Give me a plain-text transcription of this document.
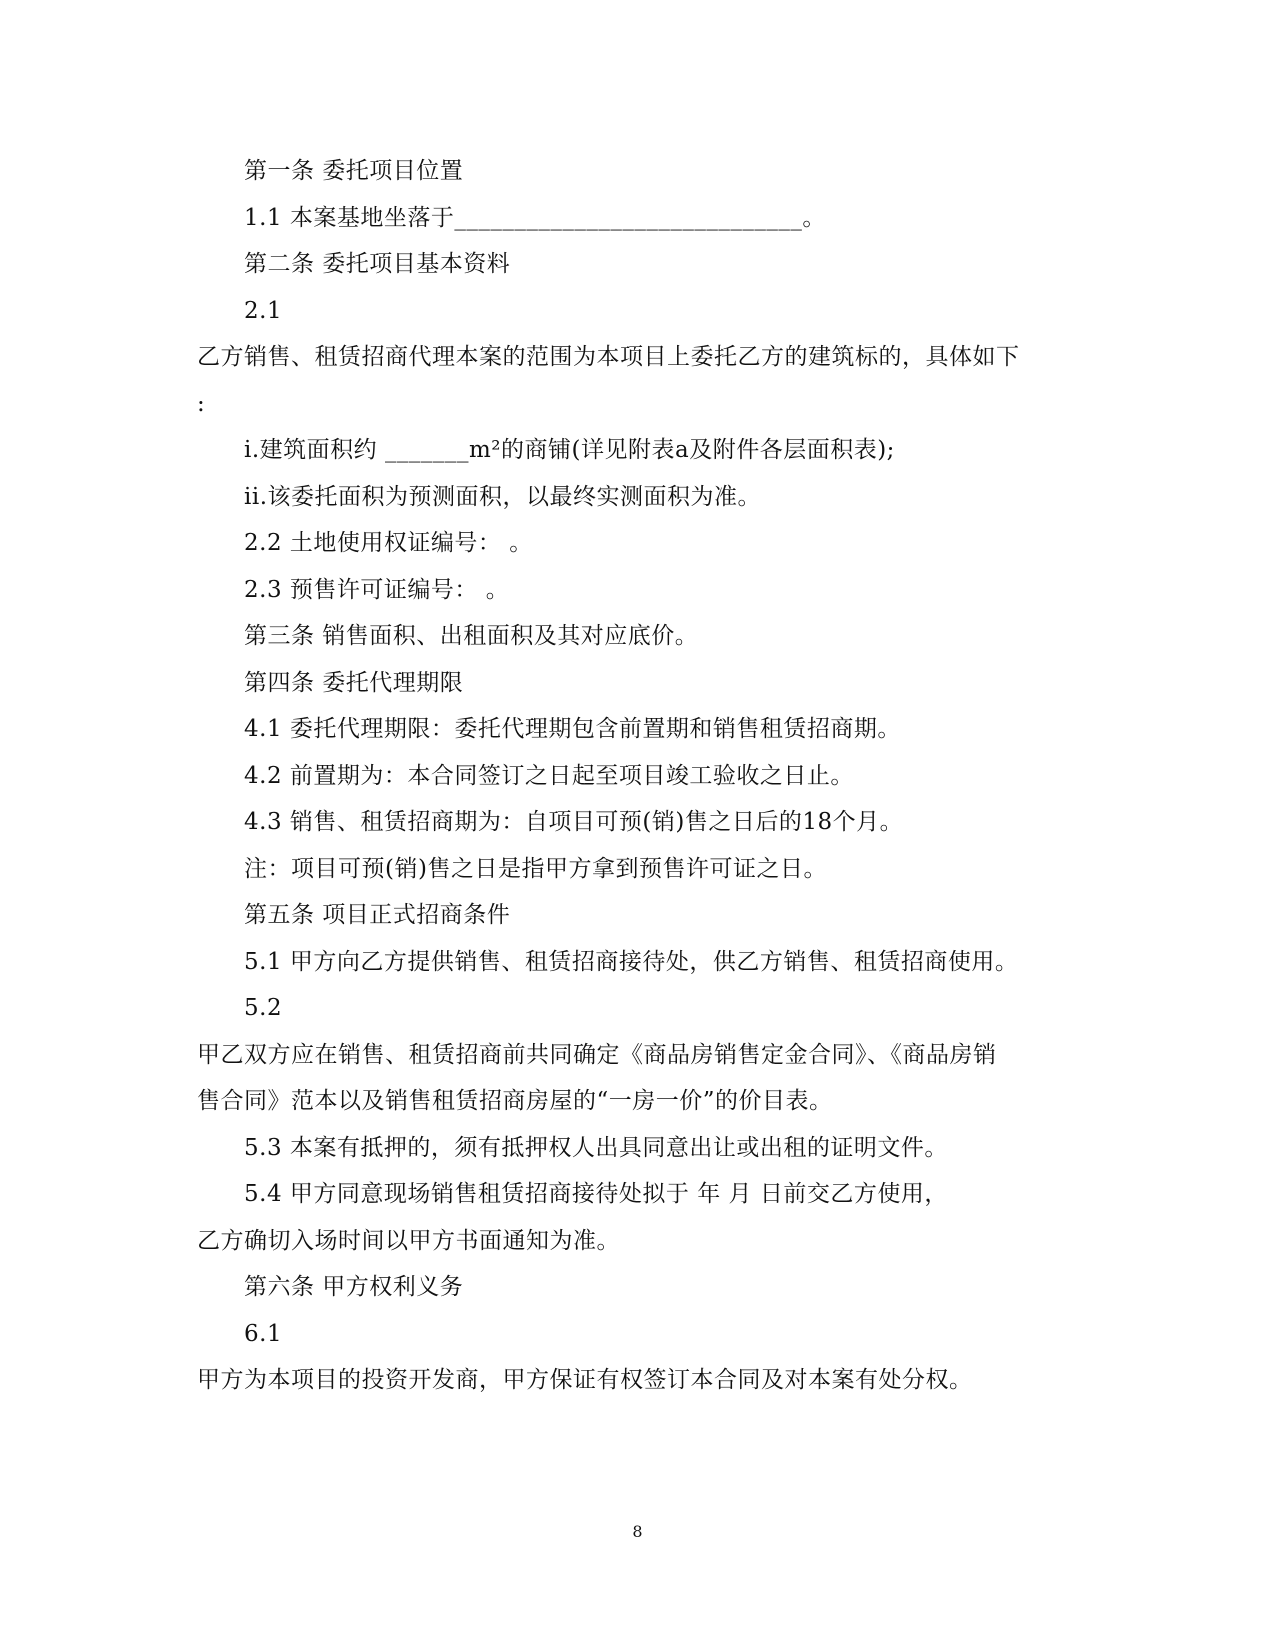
第一条 委托项目位置
1.1 本案基地坐落于_____________________________。
第二条 委托项目基本资料
2.1
乙方销售、租赁招商代理本案的范围为本项目上委托乙方的建筑标的，具体如下
:
i.建筑面积约 _______m²的商铺(详见附表a及附件各层面积表);
ii.该委托面积为预测面积，以最终实测面积为准。
2.2 土地使用权证编号： 。
2.3 预售许可证编号： 。
第三条 销售面积、出租面积及其对应底价。
第四条 委托代理期限
4.1 委托代理期限：委托代理期包含前置期和销售租赁招商期。
4.2 前置期为：本合同签订之日起至项目竣工验收之日止。
4.3 销售、租赁招商期为：自项目可预(销)售之日后的18个月。
注：项目可预(销)售之日是指甲方拿到预售许可证之日。
第五条 项目正式招商条件
5.1 甲方向乙方提供销售、租赁招商接待处，供乙方销售、租赁招商使用。
5.2
甲乙双方应在销售、租赁招商前共同确定《商品房销售定金合同》、《商品房销
售合同》范本以及销售租赁招商房屋的“一房一价”的价目表。
5.3 本案有抵押的，须有抵押权人出具同意出让或出租的证明文件。
5.4 甲方同意现场销售租赁招商接待处拟于 年 月 日前交乙方使用，
乙方确切入场时间以甲方书面通知为准。
第六条 甲方权利义务
6.1
甲方为本项目的投资开发商，甲方保证有权签订本合同及对本案有处分权。
8
